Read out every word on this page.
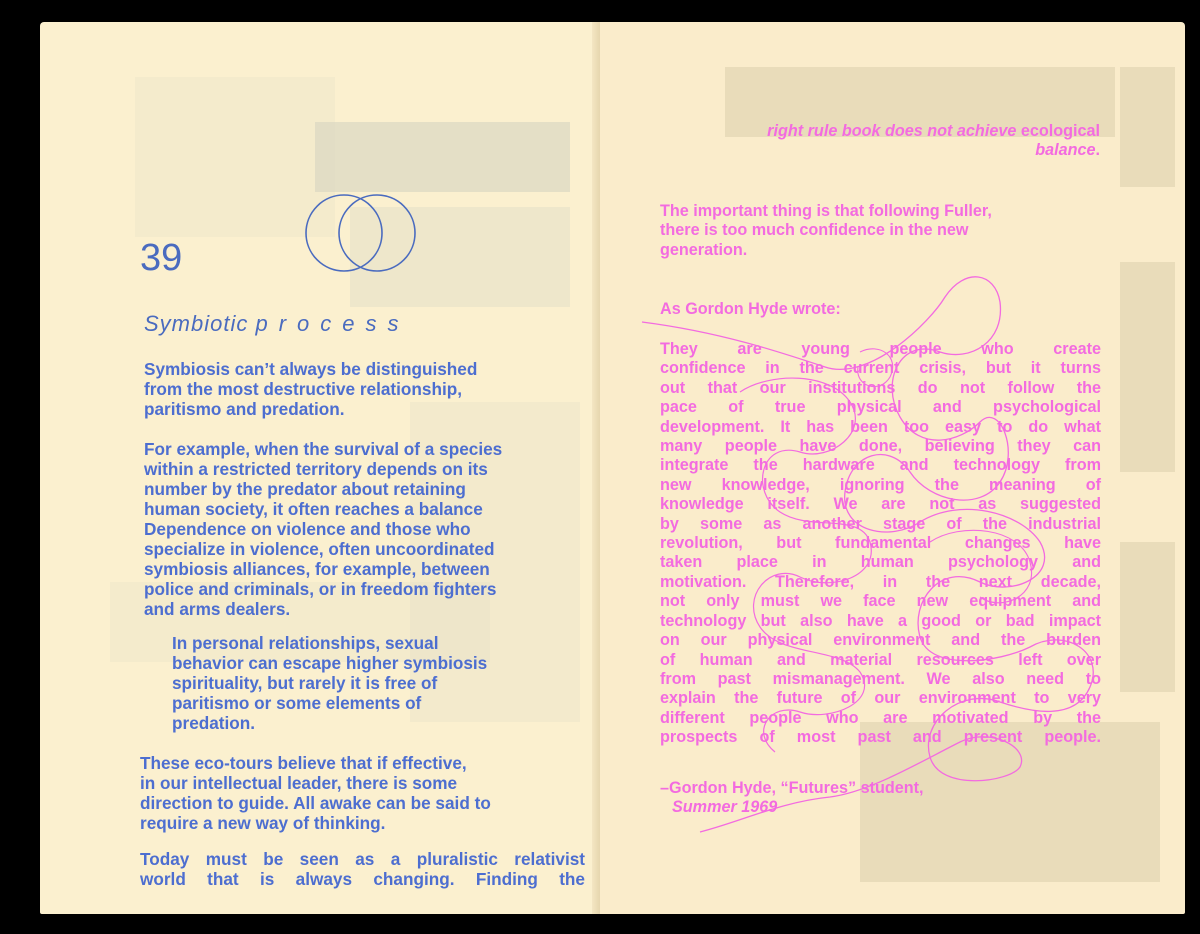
39
Symbiotic process
Symbiosis can’t always be distinguished
from the most destructive relationship,
paritismo and predation.
For example, when the survival of a species
within a restricted territory depends on its
number by the predator about retaining
human society, it often reaches a balance
Dependence on violence and those who
specialize in violence, often uncoordinated
symbiosis alliances, for example, between
police and criminals, or in freedom fighters
and arms dealers.
In personal relationships, sexual
behavior can escape higher symbiosis
spirituality, but rarely it is free of
paritismo or some elements of
predation.
These eco-tours believe that if effective,
in our intellectual leader, there is some
direction to guide. All awake can be said to
require a new way of thinking.
Today must be seen as a pluralistic relativist
world that is always changing. Finding the
right rule book does not achieve ecological
balance.
The important thing is that following Fuller,
there is too much confidence in the new
generation.
As Gordon Hyde wrote:
They are young people who create
confidence in the current crisis, but it turns
out that our institutions do not follow the
pace of true physical and psychological
development. It has been too easy to do what
many people have done, believing they can
integrate the hardware and technology from
new knowledge, ignoring the meaning of
knowledge itself. We are not as suggested
by some as another stage of the industrial
revolution, but fundamental changes have
taken place in human psychology and
motivation. Therefore, in the next decade,
not only must we face new equipment and
technology but also have a good or bad impact
on our physical environment and the burden
of human and material resources left over
from past mismanagement. We also need to
explain the future of our environment to very
different people who are motivated by the
prospects of most past and present people.
–Gordon Hyde, “Futures” student,
Summer 1969
